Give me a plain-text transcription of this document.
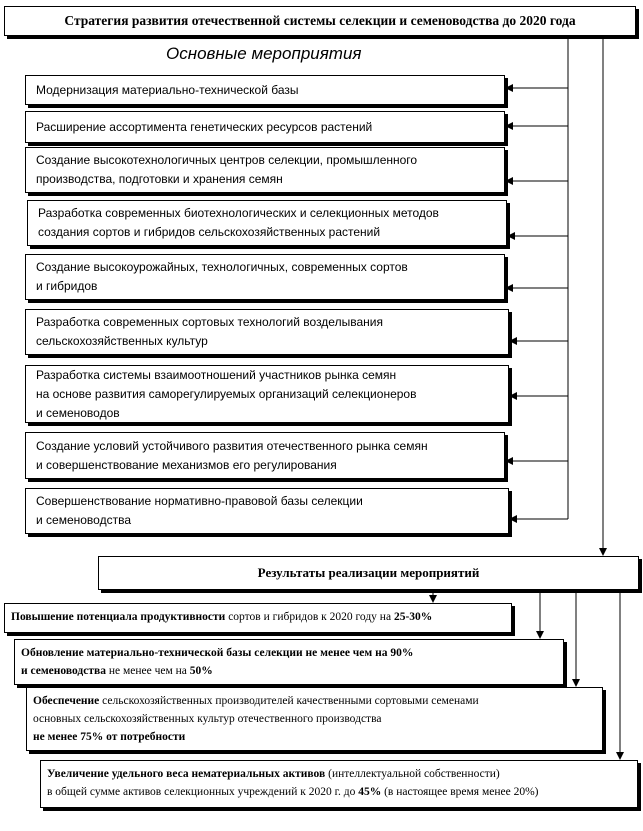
Стратегия развития отечественной системы селекции и семеноводства до 2020 года
Основные мероприятия
Модернизация материально-технической базы
Расширение ассортимента генетических ресурсов растений
Создание высокотехнологичных центров селекции, промышленного
производства, подготовки и хранения семян
Разработка современных биотехнологических и селекционных методов
создания сортов и гибридов сельскохозяйственных растений
Создание высокоурожайных, технологичных, современных сортов
и гибридов
Разработка современных сортовых технологий возделывания
сельскохозяйственных культур
Разработка системы взаимоотношений участников рынка семян
на основе развития саморегулируемых организаций селекционеров
и семеноводов
Создание условий устойчивого развития отечественного рынка семян
и совершенствование механизмов его регулирования
Совершенствование нормативно-правовой базы селекции
и семеноводства
Результаты реализации мероприятий
Повышение потенциала продуктивности сортов и гибридов к 2020 году на 25-30%
Обновление материально-технической базы селекции не менее чем на 90%
и семеноводства не менее чем на 50%
Обеспечение сельскохозяйственных производителей качественными сортовыми семенами
основных сельскохозяйственных культур отечественного производства
не менее 75% от потребности
Увеличение удельного веса нематериальных активов (интеллектуальной собственности)
в общей сумме активов селекционных учреждений к 2020 г. до 45% (в настоящее время менее 20%)
